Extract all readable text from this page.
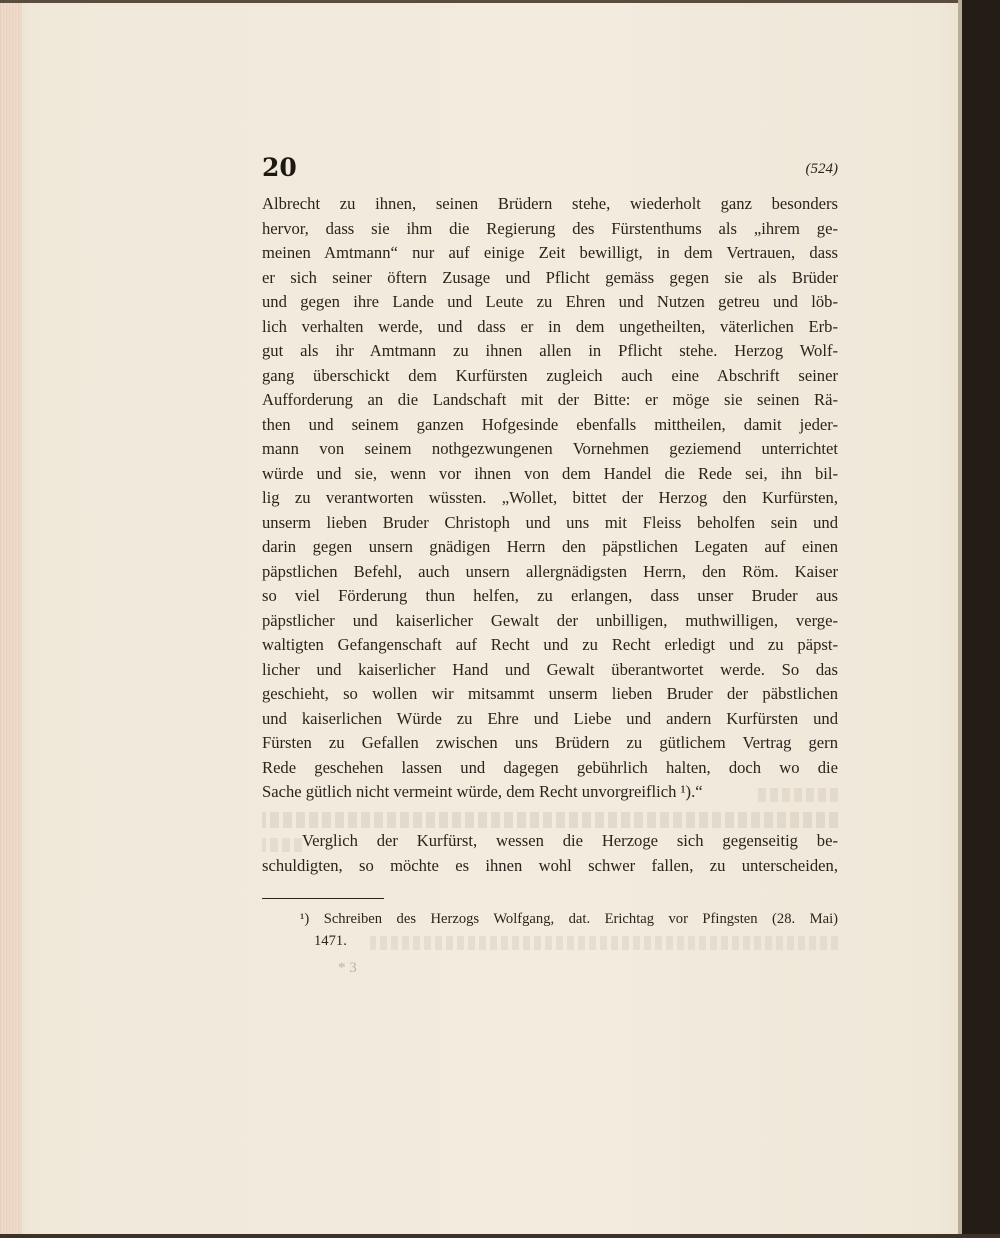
20	(524)
Albrecht zu ihnen, seinen Brüdern stehe, wiederholt ganz besonders
hervor, dass sie ihm die Regierung des Fürstenthums als „ihrem ge-
meinen Amtmann“ nur auf einige Zeit bewilligt, in dem Vertrauen, dass
er sich seiner öftern Zusage und Pflicht gemäss gegen sie als Brüder
und gegen ihre Lande und Leute zu Ehren und Nutzen getreu und löb-
lich verhalten werde, und dass er in dem ungetheilten, väterlichen Erb-
gut als ihr Amtmann zu ihnen allen in Pflicht stehe. Herzog Wolf-
gang überschickt dem Kurfürsten zugleich auch eine Abschrift seiner
Aufforderung an die Landschaft mit der Bitte: er möge sie seinen Rä-
then und seinem ganzen Hofgesinde ebenfalls mittheilen, damit jeder-
mann von seinem nothgezwungenen Vornehmen geziemend unterrichtet
würde und sie, wenn vor ihnen von dem Handel die Rede sei, ihn bil-
lig zu verantworten wüssten. „Wollet, bittet der Herzog den Kurfürsten,
unserm lieben Bruder Christoph und uns mit Fleiss beholfen sein und
darin gegen unsern gnädigen Herrn den päpstlichen Legaten auf einen
päpstlichen Befehl, auch unsern allergnädigsten Herrn, den Röm. Kaiser
so viel Förderung thun helfen, zu erlangen, dass unser Bruder aus
päpstlicher und kaiserlicher Gewalt der unbilligen, muthwilligen, verge-
waltigten Gefangenschaft auf Recht und zu Recht erledigt und zu päpst-
licher und kaiserlicher Hand und Gewalt überantwortet werde. So das
geschieht, so wollen wir mitsammt unserm lieben Bruder der päbstlichen
und kaiserlichen Würde zu Ehre und Liebe und andern Kurfürsten und
Fürsten zu Gefallen zwischen uns Brüdern zu gütlichem Vertrag gern
Rede geschehen lassen und dagegen gebührlich halten, doch wo die
Sache gütlich nicht vermeint würde, dem Recht unvorgreiflich ¹).“
Verglich der Kurfürst, wessen die Herzoge sich gegenseitig be-
schuldigten, so möchte es ihnen wohl schwer fallen, zu unterscheiden,
¹) Schreiben des Herzogs Wolfgang, dat. Erichtag vor Pfingsten (28. Mai)
1471.
* 3
